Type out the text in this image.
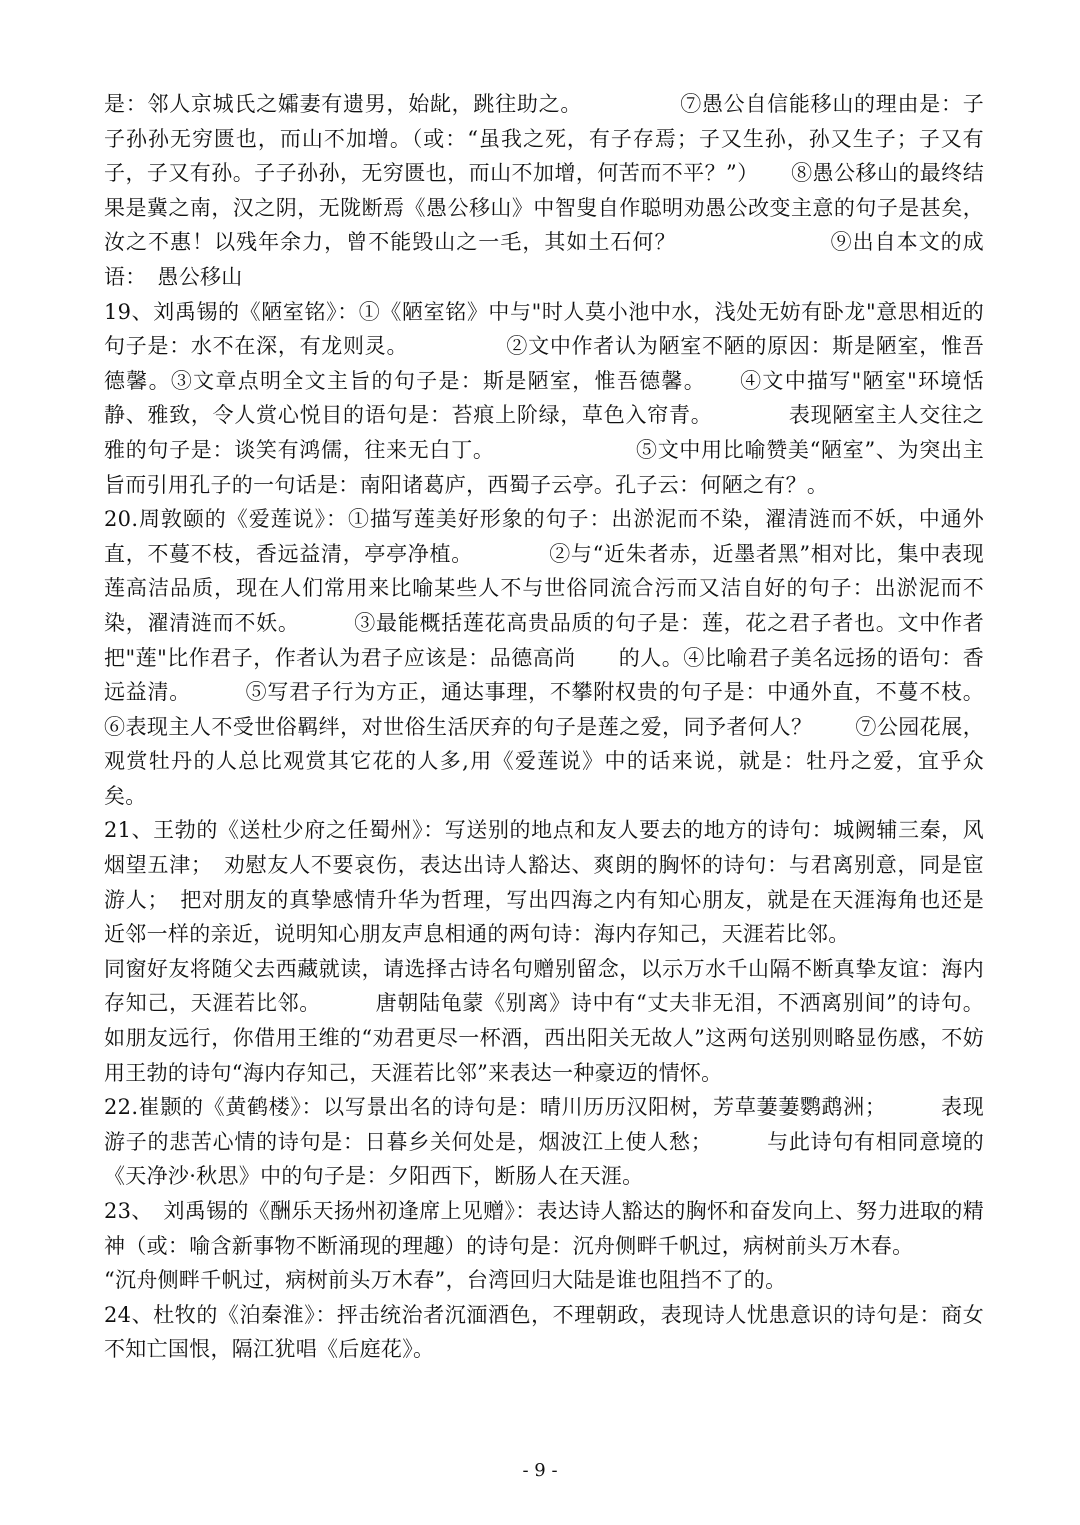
是：邻人京城氏之孀妻有遗男，始龀，跳往助之。　　　　　⑦愚公自信能移山的理由是：子子孙孙无穷匮也，而山不加增。（或：“虽我之死，有子存焉；子又生孙，孙又生子；子又有子，子又有孙。子子孙孙，无穷匮也，而山不加增，何苦而不平？”）　　⑧愚公移山的最终结果是冀之南，汉之阴，无陇断焉《愚公移山》中智叟自作聪明劝愚公改变主意的句子是甚矣，汝之不惠！以残年余力，曾不能毁山之一毛，其如土石何？　　　　　　　⑨出自本文的成语：　愚公移山

19、刘禹锡的《陋室铭》：①《陋室铭》中与"时人莫小池中水，浅处无妨有卧龙"意思相近的句子是：水不在深，有龙则灵。　　　　　②文中作者认为陋室不陋的原因：斯是陋室，惟吾德馨。③文章点明全文主旨的句子是：斯是陋室，惟吾德馨。　　④文中描写"陋室"环境恬静、雅致，令人赏心悦目的语句是：苔痕上阶绿，草色入帘青。　　　　表现陋室主人交往之雅的句子是：谈笑有鸿儒，往来无白丁。　　　　　　　⑤文中用比喻赞美“陋室”、为突出主旨而引用孔子的一句话是：南阳诸葛庐，西蜀子云亭。孔子云：何陋之有？。

20.周敦颐的《爱莲说》：①描写莲美好形象的句子：出淤泥而不染，濯清涟而不妖，中通外直，不蔓不枝，香远益清，亭亭净植。　　　　②与“近朱者赤，近墨者黑”相对比，集中表现莲高洁品质，现在人们常用来比喻某些人不与世俗同流合污而又洁自好的句子：出淤泥而不染，濯清涟而不妖。　　　③最能概括莲花高贵品质的句子是：莲，花之君子者也。文中作者把"莲"比作君子，作者认为君子应该是：品德高尚　　的人。④比喻君子美名远扬的语句：香远益清。　　　⑤写君子行为方正，通达事理，不攀附权贵的句子是：中通外直，不蔓不枝。⑥表现主人不受世俗羁绊，对世俗生活厌弃的句子是莲之爱，同予者何人？　　⑦公园花展，观赏牡丹的人总比观赏其它花的人多,用《爱莲说》中的话来说，就是：牡丹之爱，宜乎众矣。

21、王勃的《送杜少府之任蜀州》：写送别的地点和友人要去的地方的诗句：城阙辅三秦，风烟望五津；　劝慰友人不要哀伤，表达出诗人豁达、爽朗的胸怀的诗句：与君离别意，同是宦游人；　把对朋友的真挚感情升华为哲理，写出四海之内有知心朋友，就是在天涯海角也还是近邻一样的亲近，说明知心朋友声息相通的两句诗：海内存知己，天涯若比邻。

同窗好友将随父去西藏就读，请选择古诗名句赠别留念，以示万水千山隔不断真挚友谊：海内存知己，天涯若比邻。　　　唐朝陆龟蒙《别离》诗中有“丈夫非无泪，不洒离别间”的诗句。如朋友远行，你借用王维的“劝君更尽一杯酒，西出阳关无故人”这两句送别则略显伤感，不妨用王勃的诗句“海内存知己，天涯若比邻”来表达一种豪迈的情怀。

22.崔颢的《黄鹤楼》：以写景出名的诗句是：晴川历历汉阳树，芳草萋萋鹦鹉洲；　　　表现游子的悲苦心情的诗句是：日暮乡关何处是，烟波江上使人愁；　　　与此诗句有相同意境的《天净沙·秋思》中的句子是：夕阳西下，断肠人在天涯。

23、　刘禹锡的《酬乐天扬州初逢席上见赠》：表达诗人豁达的胸怀和奋发向上、努力进取的精神（或：喻含新事物不断涌现的理趣）的诗句是：沉舟侧畔千帆过，病树前头万木春。

“沉舟侧畔千帆过，病树前头万木春”，台湾回归大陆是谁也阻挡不了的。

24、杜牧的《泊秦淮》：抨击统治者沉湎酒色，不理朝政，表现诗人忧患意识的诗句是：商女不知亡国恨，隔江犹唱《后庭花》。

- 9 -
